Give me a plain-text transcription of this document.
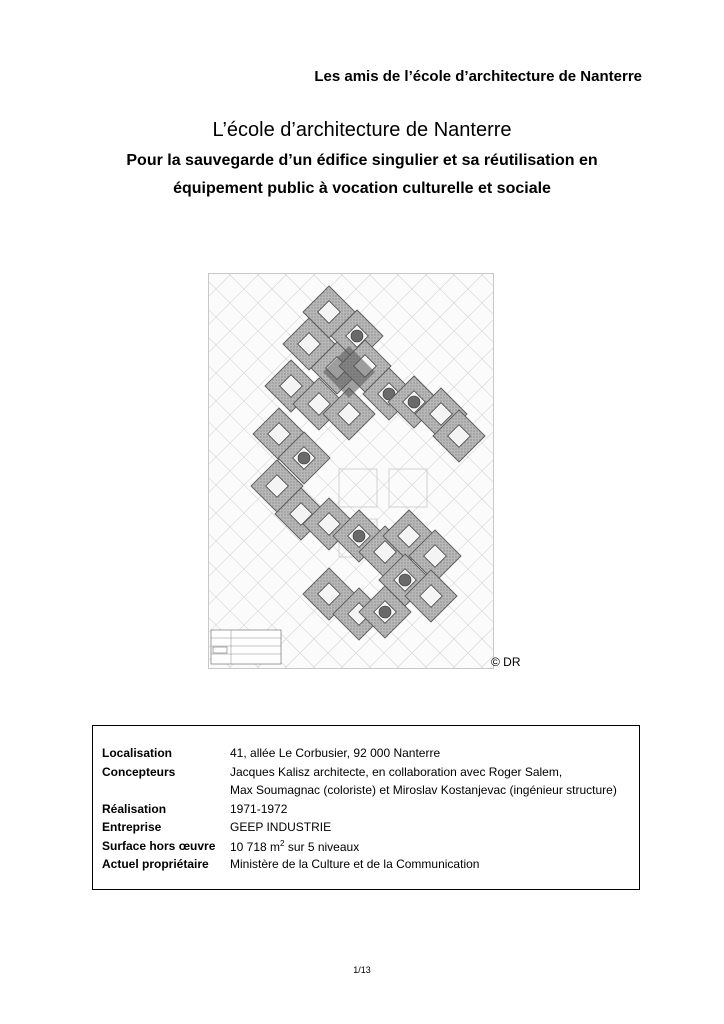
Les amis de l’école d’architecture de Nanterre
L’école d’architecture de Nanterre
Pour la sauvegarde d’un édifice singulier et sa réutilisation en
équipement public à vocation culturelle et sociale
© DR
Localisation	41, allée Le Corbusier, 92 000 Nanterre
Concepteurs	Jacques Kalisz architecte, en collaboration avec Roger Salem,
	Max Soumagnac (coloriste) et Miroslav Kostanjevac (ingénieur structure)
Réalisation	1971-1972
Entreprise	GEEP INDUSTRIE
Surface hors œuvre	10 718 $m^2$ sur 5 niveaux
Actuel propriétaire	Ministère de la Culture et de la Communication
1/13
